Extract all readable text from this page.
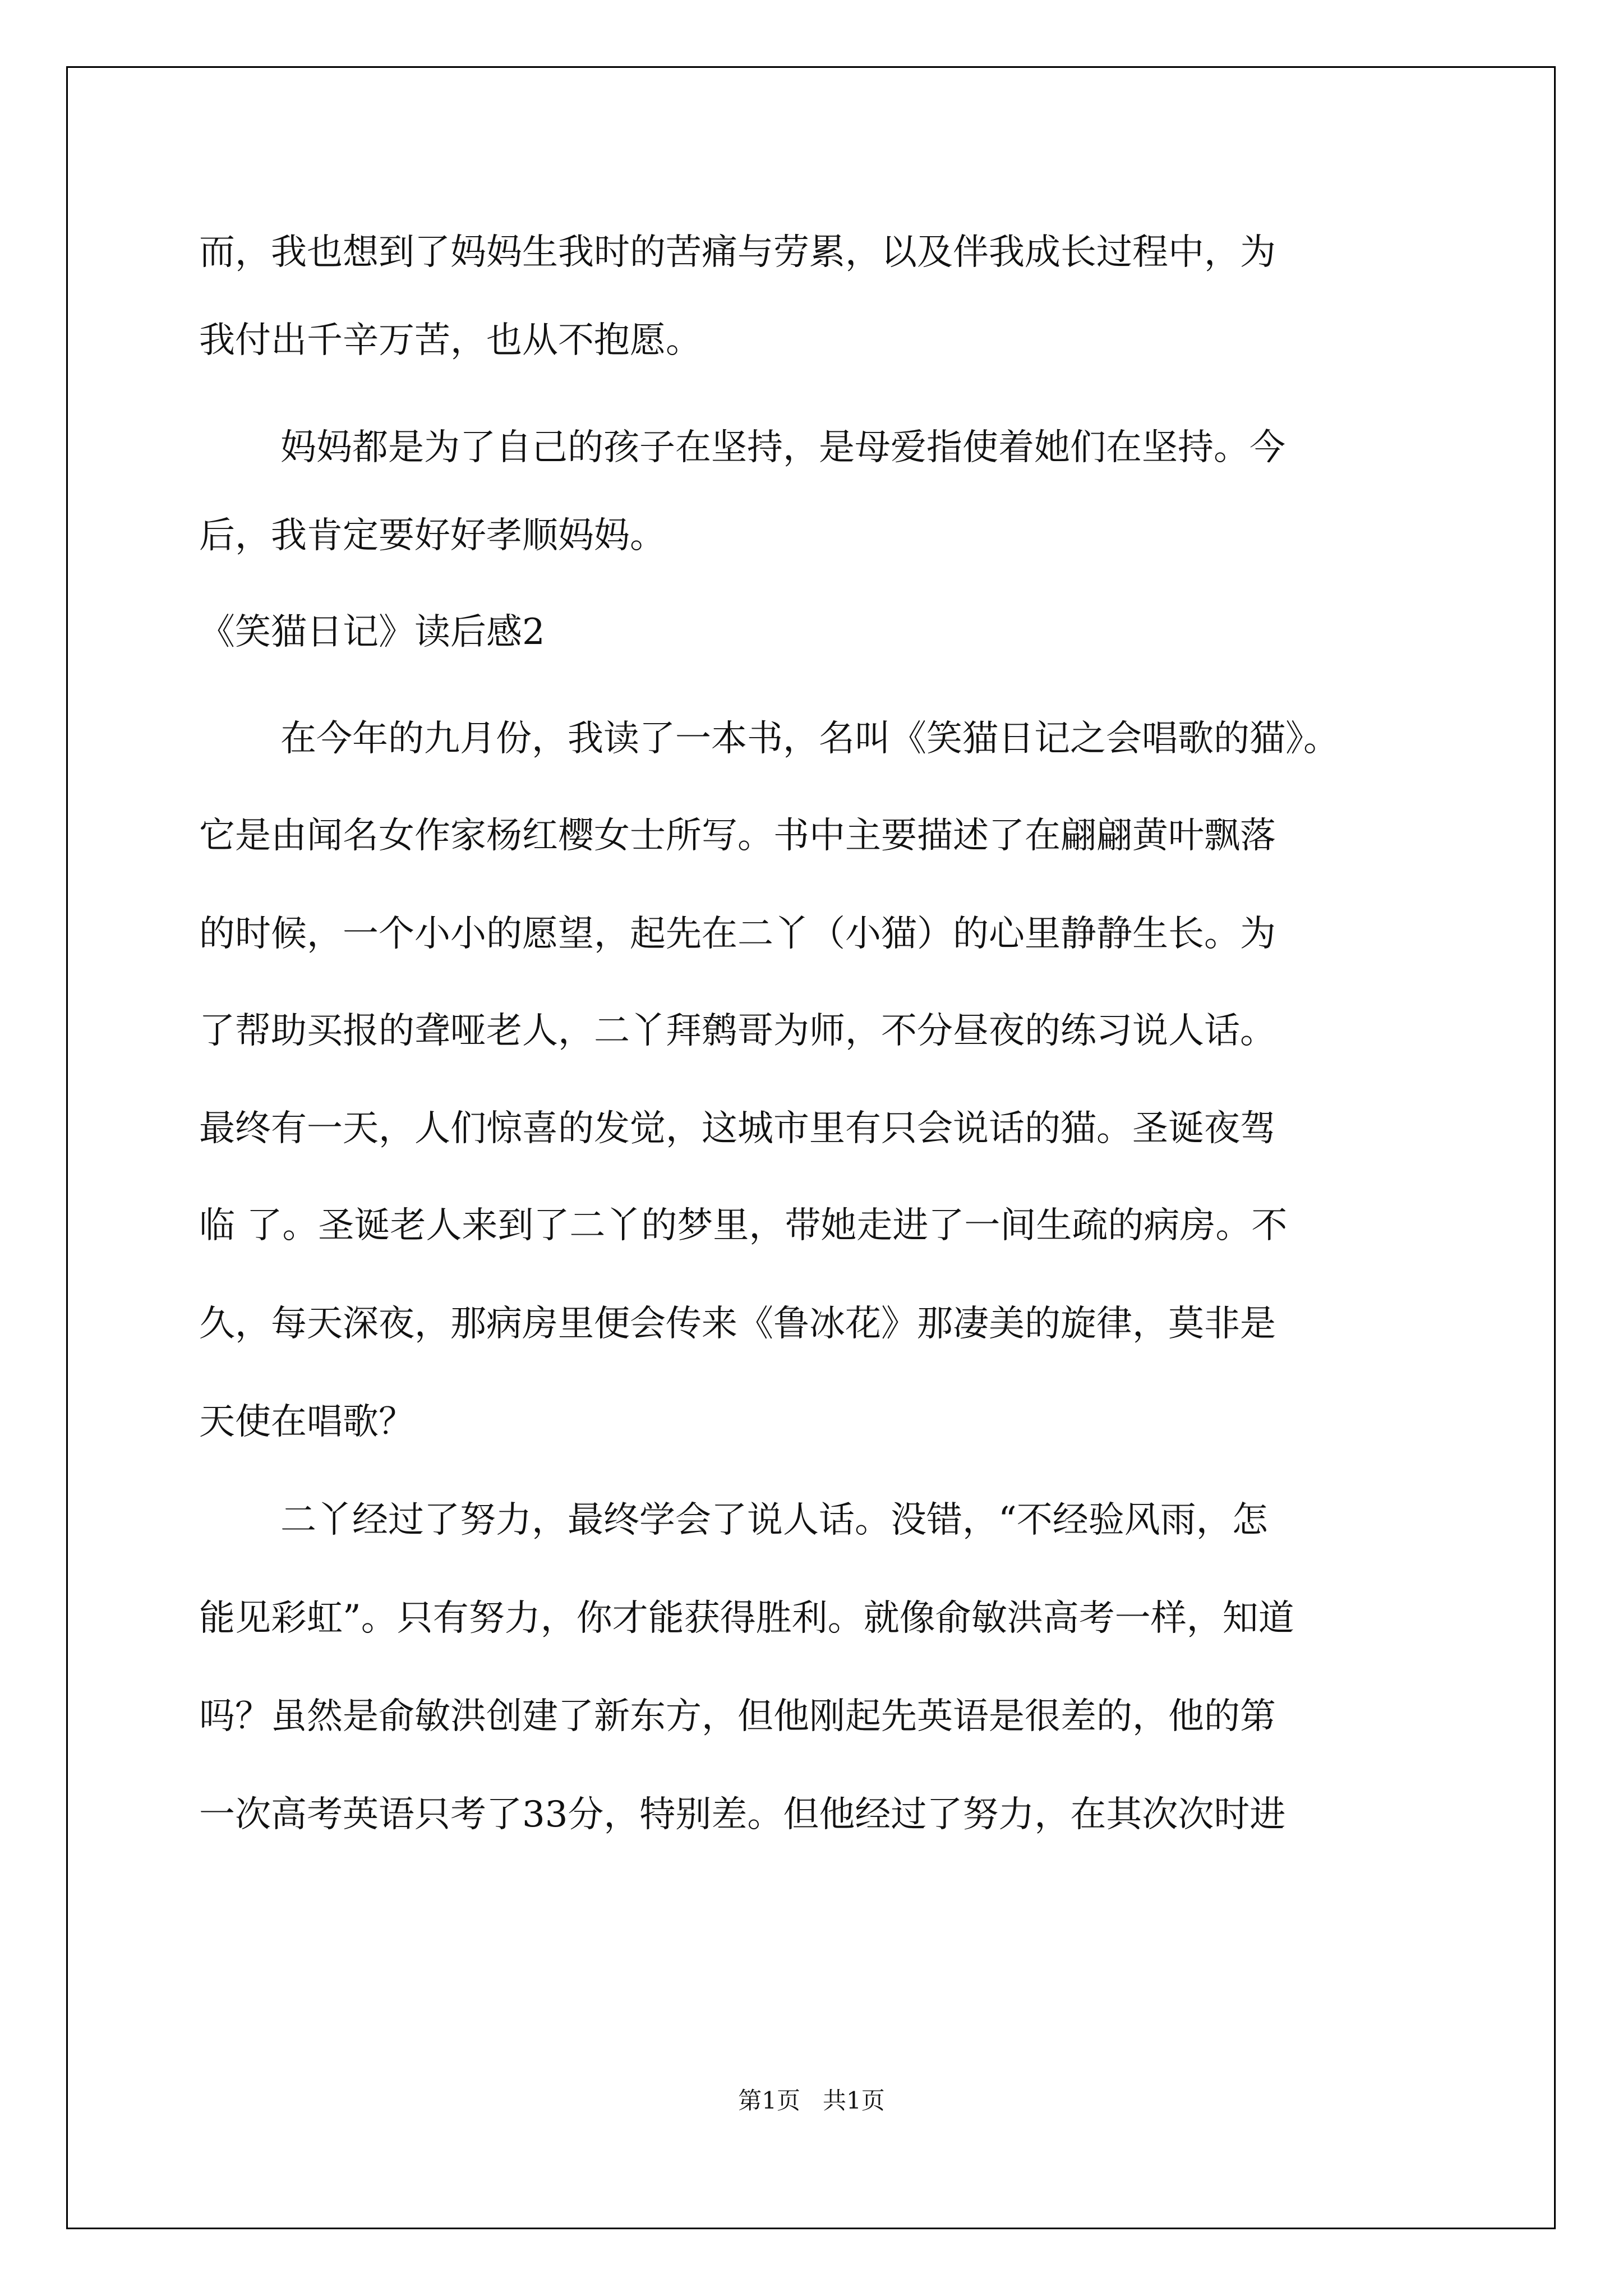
而，我也想到了妈妈生我时的苦痛与劳累，以及伴我成长过程中，为
我付出千辛万苦，也从不抱愿。
妈妈都是为了自己的孩子在坚持，是母爱指使着她们在坚持。今
后，我肯定要好好孝顺妈妈。
《笑猫日记》读后感2
在今年的九月份，我读了一本书，名叫《笑猫日记之会唱歌的猫》。
它是由闻名女作家杨红樱女士所写。书中主要描述了在翩翩黄叶飘落
的时候，一个小小的愿望，起先在二丫（小猫）的心里静静生长。为
了帮助买报的聋哑老人，二丫拜鹩哥为师，不分昼夜的练习说人话。
最终有一天，人们惊喜的发觉，这城市里有只会说话的猫。圣诞夜驾
临 了。圣诞老人来到了二丫的梦里，带她走进了一间生疏的病房。不
久，每天深夜，那病房里便会传来《鲁冰花》那凄美的旋律，莫非是
天使在唱歌？
二丫经过了努力，最终学会了说人话。没错，“不经验风雨，怎
能见彩虹”。只有努力，你才能获得胜利。就像俞敏洪高考一样，知道
吗？虽然是俞敏洪创建了新东方，但他刚起先英语是很差的，他的第
一次高考英语只考了33分，特别差。但他经过了努力，在其次次时进
第1页   共1页
